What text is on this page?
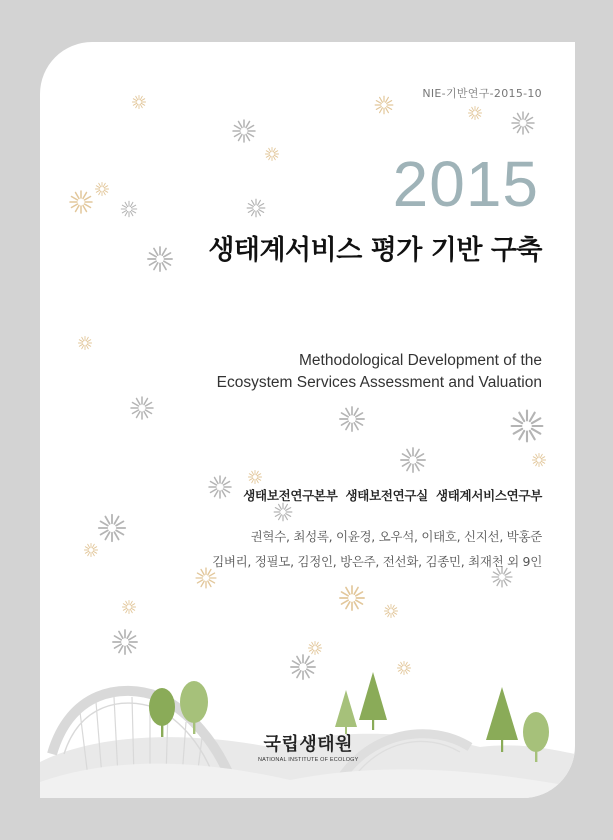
NIE-기반연구-2015-10
2015
생태계서비스 평가 기반 구축
Methodological Development of the
Ecosystem Services Assessment and Valuation
생태보전연구본부 생태보전연구실 생태계서비스연구부
권혁수, 최성록, 이윤경, 오우석, 이태호, 신지선, 박홍준
김벼리, 정필모, 김정인, 방은주, 전선화, 김종민, 최재천 외 9인
국립생태원
NATIONAL INSTITUTE OF ECOLOGY
